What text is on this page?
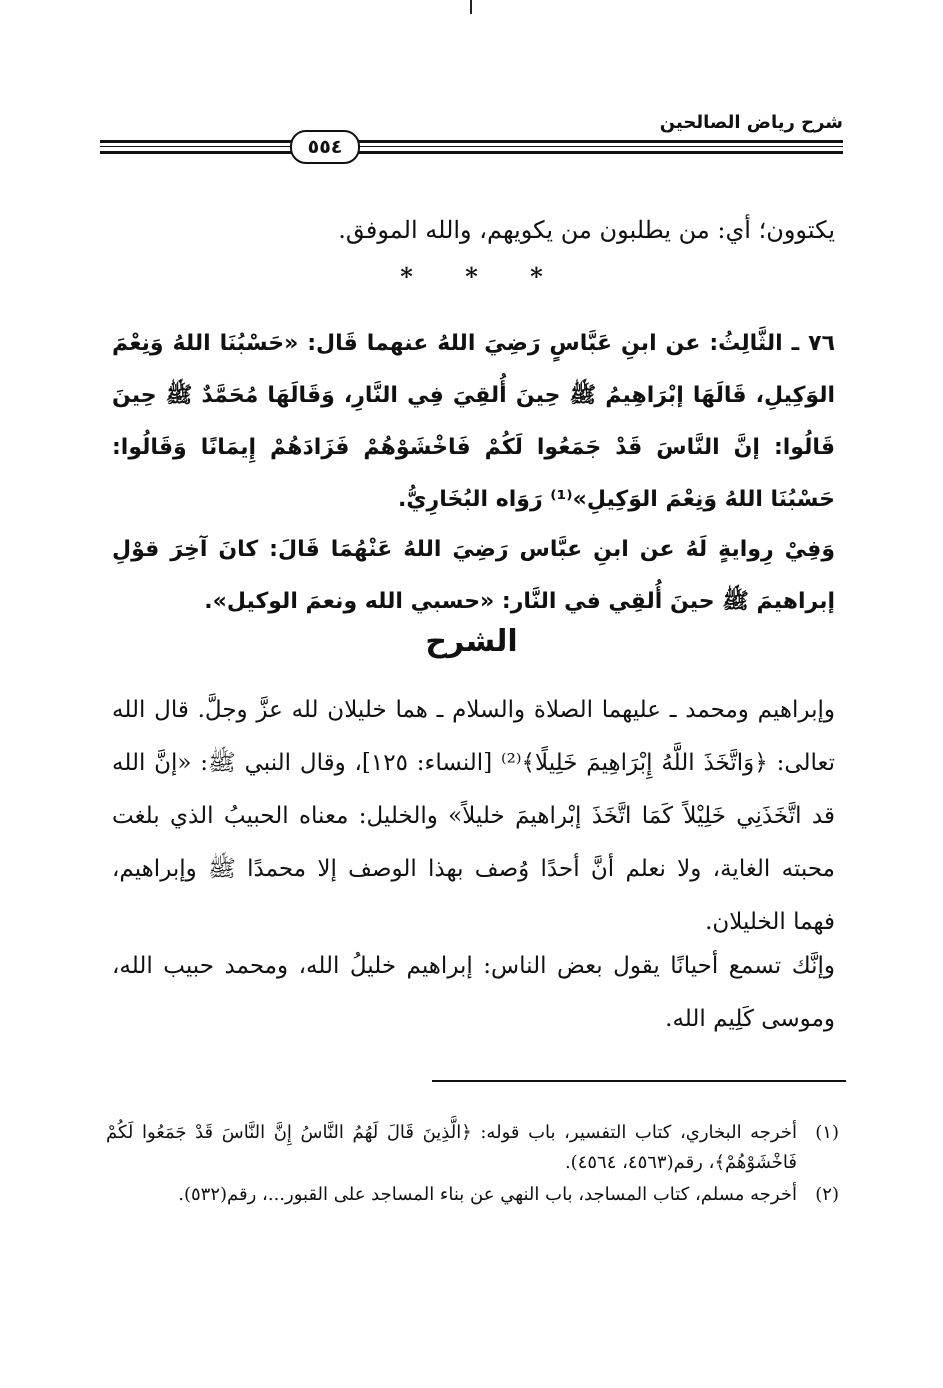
شرح رياض الصالحين
٥٥٤

يكتوون؛ أي: من يطلبون من يكويهم، والله الموفق.

* * *

٧٦ ـ الثَّالِثُ: عن ابنِ عَبَّاسٍ رَضِيَ اللهُ عنهما قَال: «حَسْبُنَا اللهُ وَنِعْمَ الوَكِيلِ، قَالَهَا إبْرَاهِيمُ ﷺ حِينَ أُلقِيَ فِي النَّارِ، وَقَالَهَا مُحَمَّدٌ ﷺ حِينَ قَالُوا: إنَّ النَّاسَ قَدْ جَمَعُوا لَكُمْ فَاخْشَوْهُمْ فَزَادَهُمْ إِيمَانًا وَقَالُوا: حَسْبُنَا اللهُ وَنِعْمَ الوَكِيلِ»⁽¹⁾ رَوَاه البُخَارِيُّ.

وَفِيْ رِوايةٍ لَهُ عن ابنِ عبَّاس رَضِيَ اللهُ عَنْهُمَا قَالَ: كانَ آخِرَ قوْلِ إبراهيمَ ﷺ حينَ أُلقِي في النَّار: «حسبي الله ونعمَ الوكيل».

الشرح

وإبراهيم ومحمد ـ عليهما الصلاة والسلام ـ هما خليلان لله عزَّ وجلَّ. قال الله تعالى: ﴿وَاتَّخَذَ اللَّهُ إِبْرَاهِيمَ خَلِيلًا﴾⁽²⁾ [النساء: ١٢٥]، وقال النبي ﷺ: «إنَّ الله قد اتَّخَذَنِي خَلِيْلاً كَمَا اتَّخَذَ إبْراهيمَ خليلاً» والخليل: معناه الحبيبُ الذي بلغت محبته الغاية، ولا نعلم أنَّ أحدًا وُصف بهذا الوصف إلا محمدًا ﷺ وإبراهيم، فهما الخليلان.

وإنَّك تسمع أحيانًا يقول بعض الناس: إبراهيم خليلُ الله، ومحمد حبيب الله، وموسى كَلِيم الله.

(١)
أخرجه البخاري، كتاب التفسير، باب قوله: ﴿الَّذِينَ قَالَ لَهُمُ النَّاسُ إِنَّ النَّاسَ قَدْ جَمَعُوا لَكُمْ فَاخْشَوْهُمْ﴾، رقم(٤٥٦٣، ٤٥٦٤).
(٢)
أخرجه مسلم، كتاب المساجد، باب النهي عن بناء المساجد على القبور...، رقم(٥٣٢).
